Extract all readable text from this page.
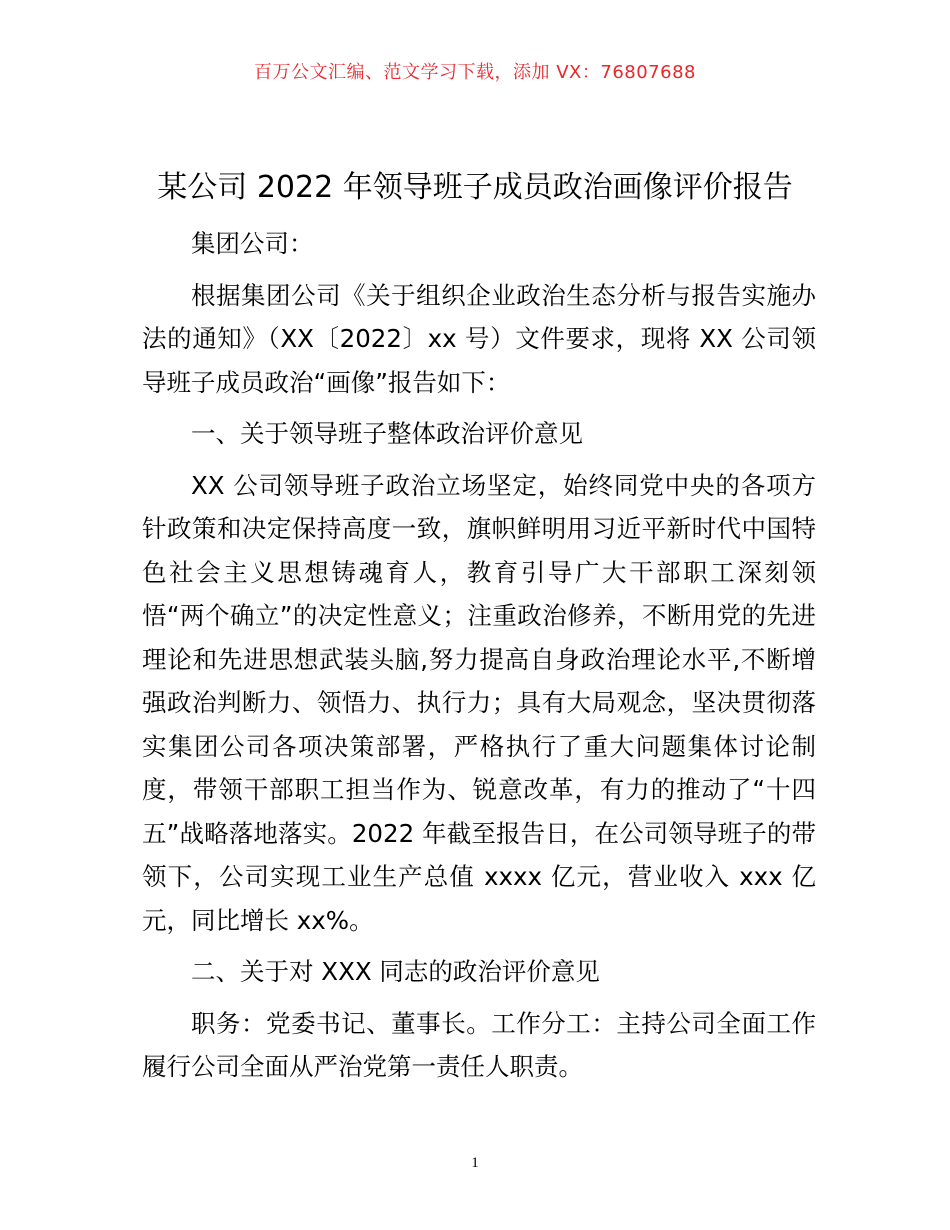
百万公文汇编、范文学习下载，添加 VX：76807688
某公司 2022 年领导班子成员政治画像评价报告

集团公司：

根据集团公司《关于组织企业政治生态分析与报告实施办法的通知》（XX〔2022〕xx 号）文件要求，现将 XX 公司领导班子成员政治“画像”报告如下：

一、关于领导班子整体政治评价意见

XX 公司领导班子政治立场坚定，始终同党中央的各项方针政策和决定保持高度一致，旗帜鲜明用习近平新时代中国特色社会主义思想铸魂育人，教育引导广大干部职工深刻领悟“两个确立”的决定性意义；注重政治修养，不断用党的先进理论和先进思想武装头脑,努力提高自身政治理论水平,不断增强政治判断力、领悟力、执行力；具有大局观念，坚决贯彻落实集团公司各项决策部署，严格执行了重大问题集体讨论制度，带领干部职工担当作为、锐意改革，有力的推动了“十四五”战略落地落实。2022 年截至报告日，在公司领导班子的带领下，公司实现工业生产总值 xxxx 亿元，营业收入 xxx 亿元，同比增长 xx%。

二、关于对 XXX 同志的政治评价意见

职务：党委书记、董事长。工作分工：主持公司全面工作履行公司全面从严治党第一责任人职责。

1
